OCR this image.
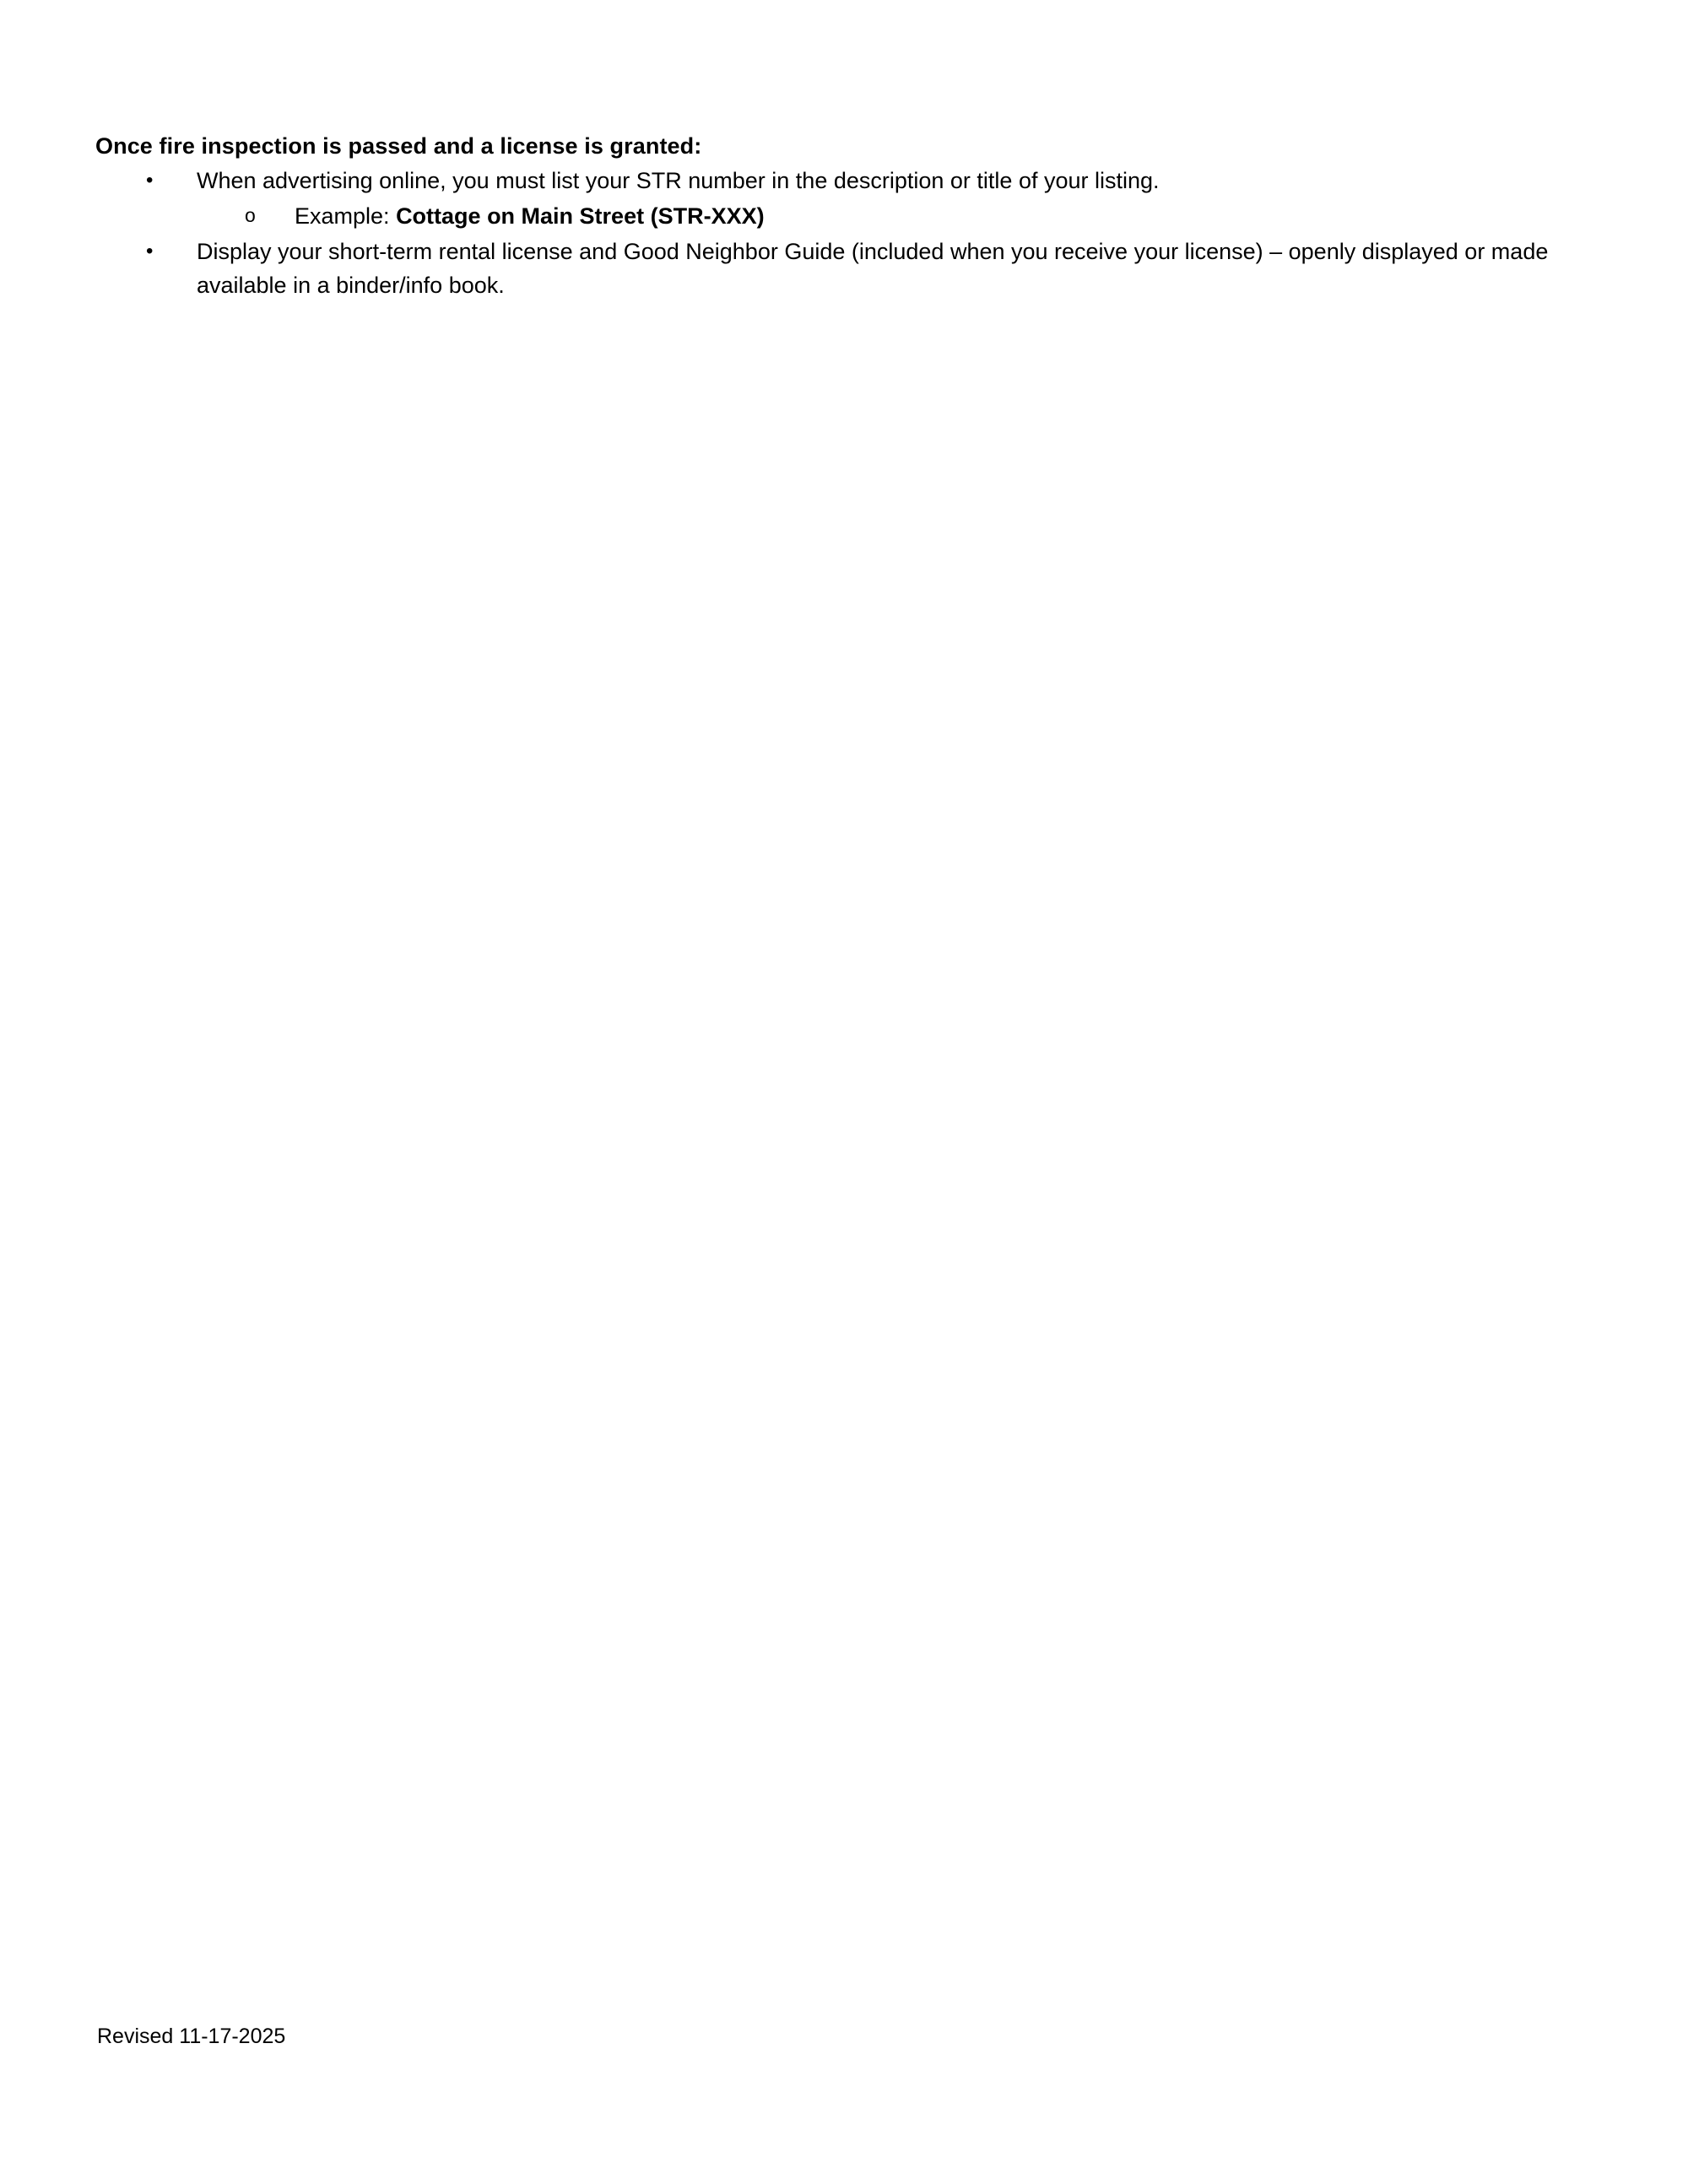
Once fire inspection is passed and a license is granted:

• When advertising online, you must list your STR number in the description or title of your listing.
o Example: Cottage on Main Street (STR-XXX)
• Display your short-term rental license and Good Neighbor Guide (included when you receive your license) – openly displayed or made available in a binder/info book.
Revised 11-17-2025
